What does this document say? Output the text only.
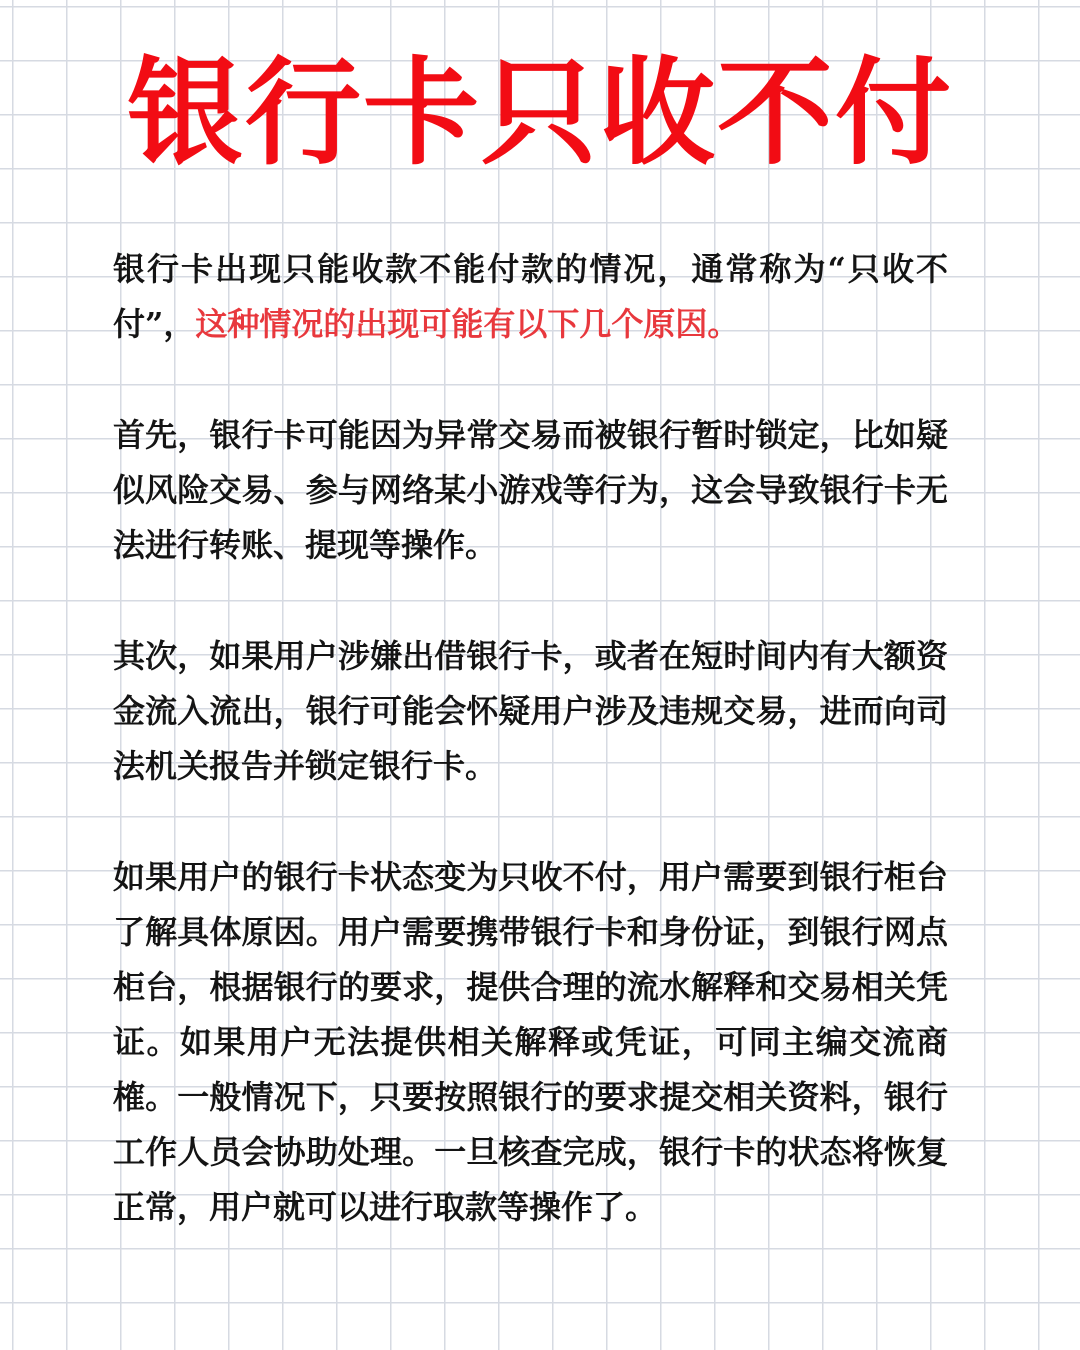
银行卡只收不付

银行卡出现只能收款不能付款的情况，通常称为“只收不付”，这种情况的出现可能有以下几个原因。

首先，银行卡可能因为异常交易而被银行暂时锁定，比如疑似风险交易、参与网络某小游戏等行为，这会导致银行卡无法进行转账、提现等操作。

其次，如果用户涉嫌出借银行卡，或者在短时间内有大额资金流入流出，银行可能会怀疑用户涉及违规交易，进而向司法机关报告并锁定银行卡。

如果用户的银行卡状态变为只收不付，用户需要到银行柜台了解具体原因。用户需要携带银行卡和身份证，到银行网点柜台，根据银行的要求，提供合理的流水解释和交易相关凭证。如果用户无法提供相关解释或凭证，可同主编交流商榷。一般情况下，只要按照银行的要求提交相关资料，银行工作人员会协助处理。一旦核查完成，银行卡的状态将恢复正常，用户就可以进行取款等操作了。
